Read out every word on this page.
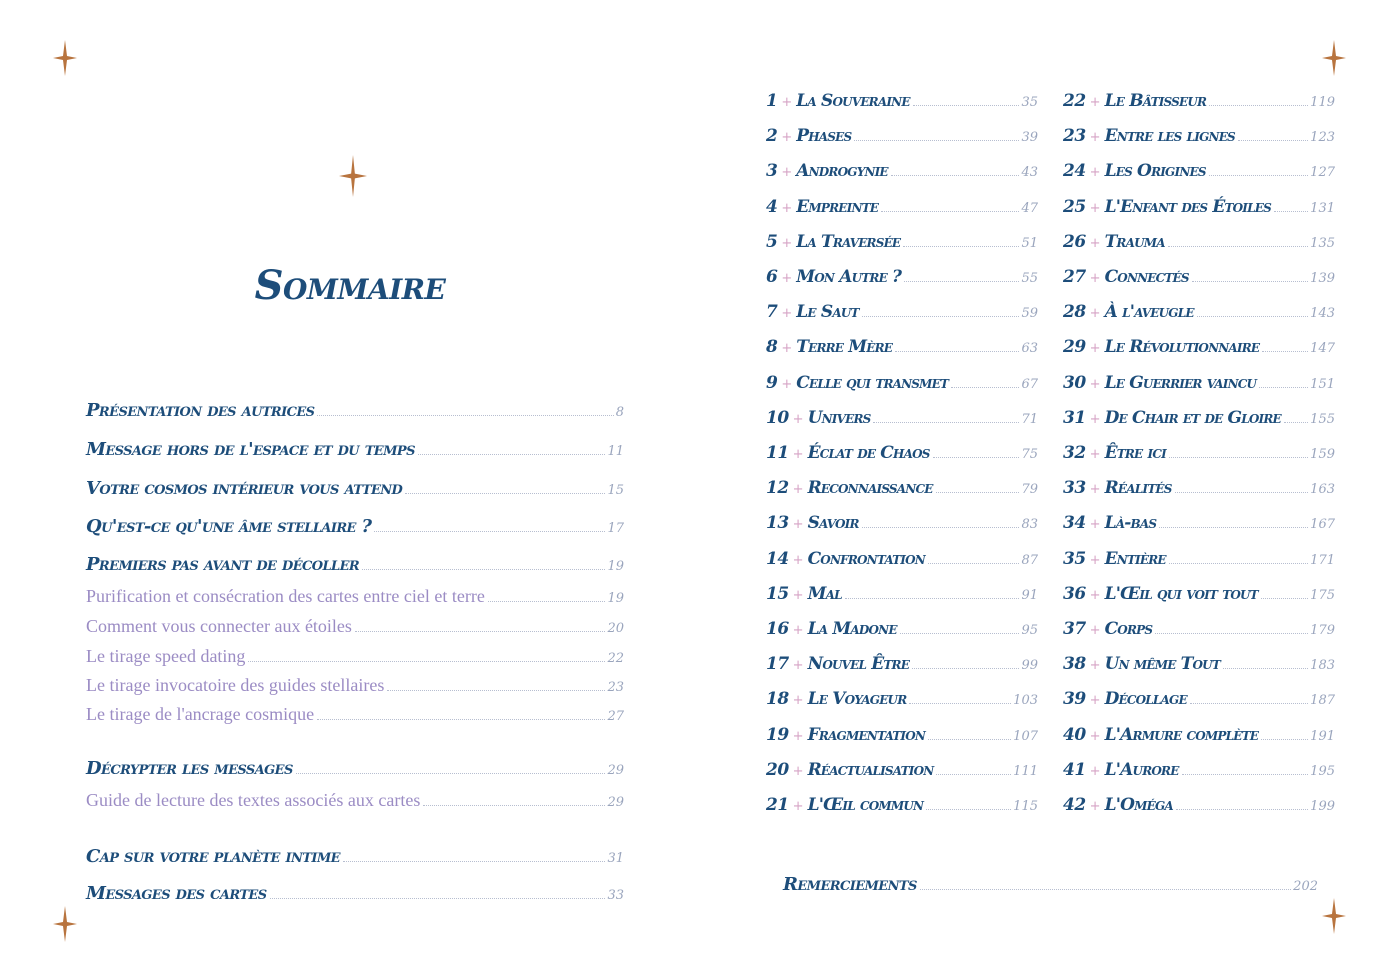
Sommaire
Présentation des autrices	8
Message hors de l'espace et du temps	11
Votre cosmos intérieur vous attend	15
Qu'est-ce qu'une âme stellaire ?	17
Premiers pas avant de décoller	19
Purification et consécration des cartes entre ciel et terre	19
Comment vous connecter aux étoiles	20
Le tirage speed dating	22
Le tirage invocatoire des guides stellaires	23
Le tirage de l'ancrage cosmique	27
Décrypter les messages	29
Guide de lecture des textes associés aux cartes	29
Cap sur votre planète intime	31
Messages des cartes	33
1 + La Souveraine	35
2 + Phases	39
3 + Androgynie	43
4 + Empreinte	47
5 + La Traversée	51
6 + Mon Autre ?	55
7 + Le Saut	59
8 + Terre Mère	63
9 + Celle qui transmet	67
10 + Univers	71
11 + Éclat de Chaos	75
12 + Reconnaissance	79
13 + Savoir	83
14 + Confrontation	87
15 + Mal	91
16 + La Madone	95
17 + Nouvel Être	99
18 + Le Voyageur	103
19 + Fragmentation	107
20 + Réactualisation	111
21 + L'Œil commun	115
22 + Le Bâtisseur	119
23 + Entre les lignes	123
24 + Les Origines	127
25 + L'Enfant des Étoiles	131
26 + Trauma	135
27 + Connectés	139
28 + À l'aveugle	143
29 + Le Révolutionnaire	147
30 + Le Guerrier vaincu	151
31 + De Chair et de Gloire 155
32 + Être ici	159
33 + Réalités	163
34 + Là-bas	167
35 + Entière	171
36 + L'Œil qui voit tout	175
37 + Corps	179
38 + Un même Tout	183
39 + Décollage	187
40 + L'Armure complète	191
41 + L'Aurore	195
42 + L'Oméga	199
Remerciements	202
